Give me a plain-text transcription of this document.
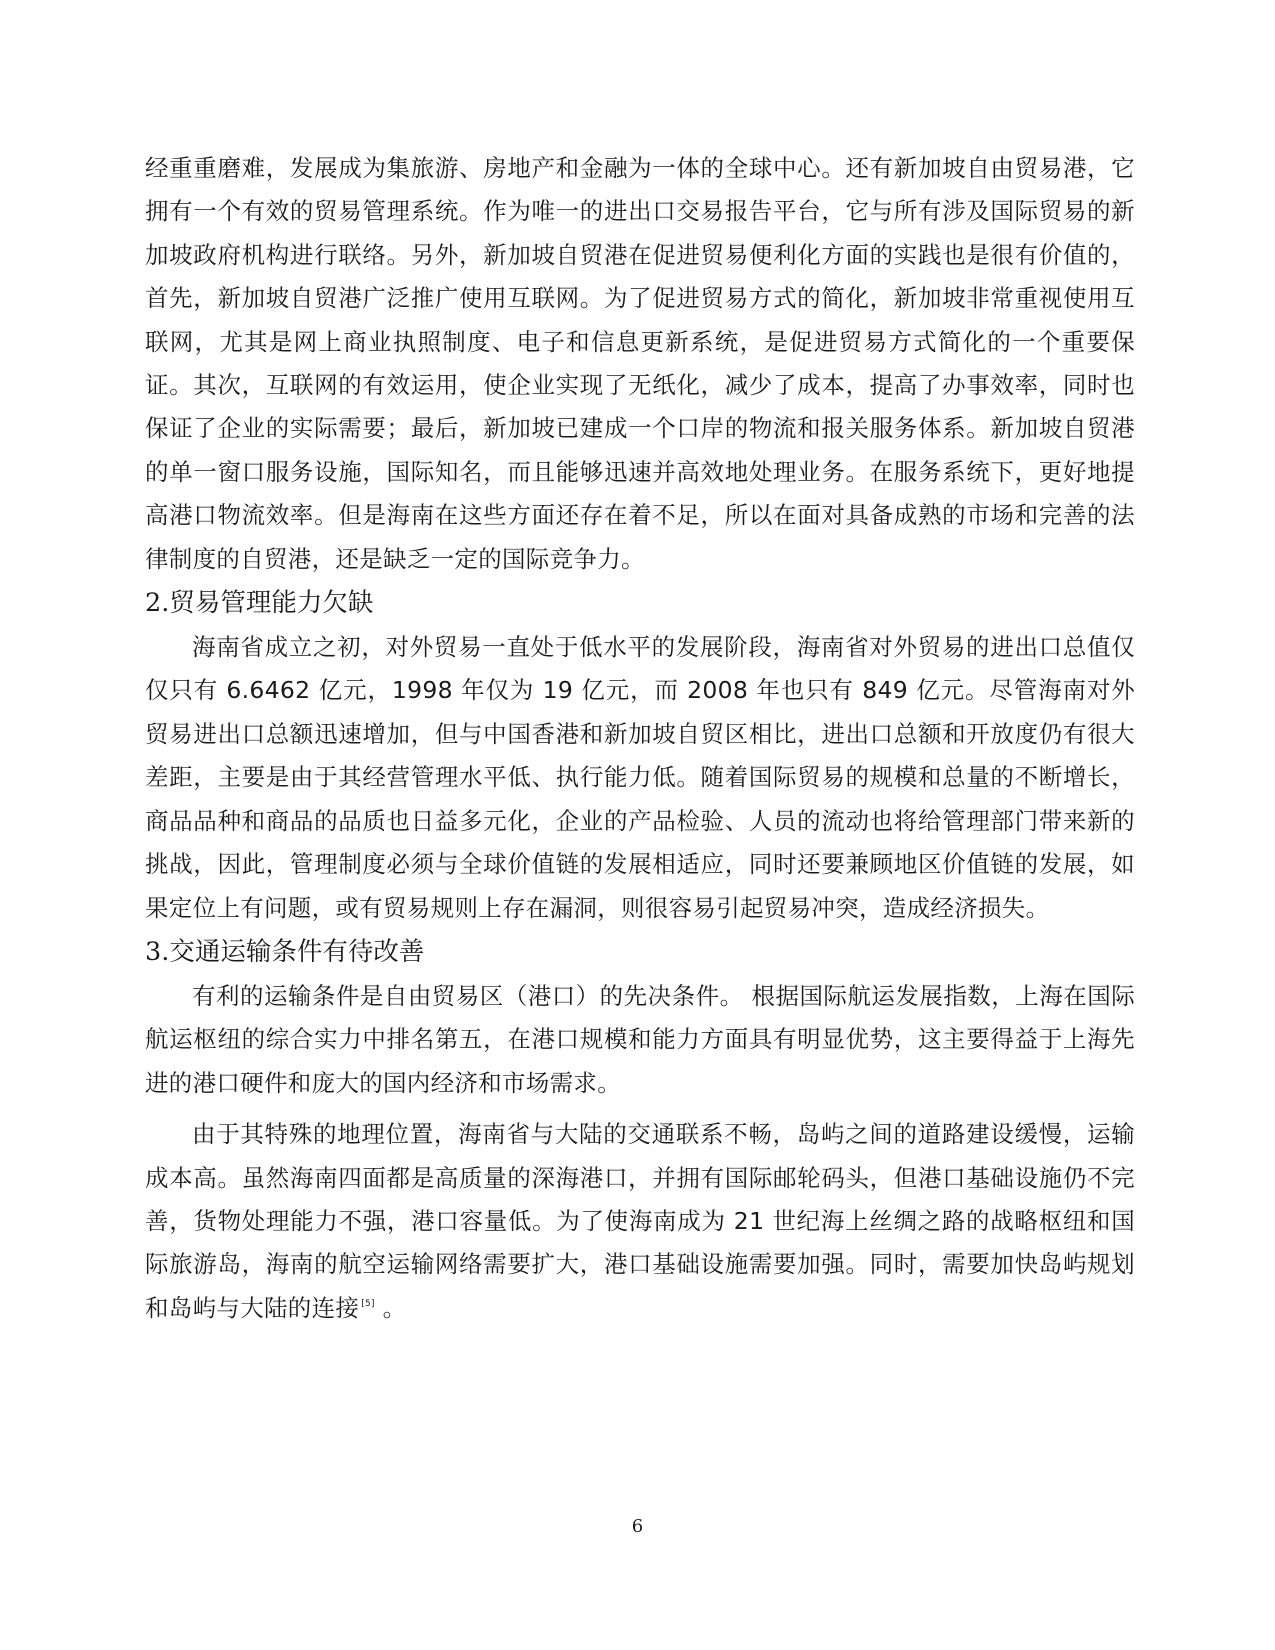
经重重磨难，发展成为集旅游、房地产和金融为一体的全球中心。还有新加坡自由贸易港，它拥有一个有效的贸易管理系统。作为唯一的进出口交易报告平台，它与所有涉及国际贸易的新加坡政府机构进行联络。另外，新加坡自贸港在促进贸易便利化方面的实践也是很有价值的，首先，新加坡自贸港广泛推广使用互联网。为了促进贸易方式的简化，新加坡非常重视使用互联网，尤其是网上商业执照制度、电子和信息更新系统，是促进贸易方式简化的一个重要保证。其次，互联网的有效运用，使企业实现了无纸化，减少了成本，提高了办事效率，同时也保证了企业的实际需要；最后，新加坡已建成一个口岸的物流和报关服务体系。新加坡自贸港的单一窗口服务设施，国际知名，而且能够迅速并高效地处理业务。在服务系统下，更好地提高港口物流效率。但是海南在这些方面还存在着不足，所以在面对具备成熟的市场和完善的法律制度的自贸港，还是缺乏一定的国际竞争力。

2.贸易管理能力欠缺

海南省成立之初，对外贸易一直处于低水平的发展阶段，海南省对外贸易的进出口总值仅仅只有 6.6462 亿元，1998 年仅为 19 亿元，而 2008 年也只有 849 亿元。尽管海南对外贸易进出口总额迅速增加，但与中国香港和新加坡自贸区相比，进出口总额和开放度仍有很大差距，主要是由于其经营管理水平低、执行能力低。随着国际贸易的规模和总量的不断增长，商品品种和商品的品质也日益多元化，企业的产品检验、人员的流动也将给管理部门带来新的挑战，因此，管理制度必须与全球价值链的发展相适应，同时还要兼顾地区价值链的发展，如果定位上有问题，或有贸易规则上存在漏洞，则很容易引起贸易冲突，造成经济损失。

3.交通运输条件有待改善

有利的运输条件是自由贸易区（港口）的先决条件。 根据国际航运发展指数，上海在国际航运枢纽的综合实力中排名第五，在港口规模和能力方面具有明显优势，这主要得益于上海先进的港口硬件和庞大的国内经济和市场需求。

由于其特殊的地理位置，海南省与大陆的交通联系不畅，岛屿之间的道路建设缓慢，运输成本高。虽然海南四面都是高质量的深海港口，并拥有国际邮轮码头，但港口基础设施仍不完善，货物处理能力不强，港口容量低。为了使海南成为 21 世纪海上丝绸之路的战略枢纽和国际旅游岛，海南的航空运输网络需要扩大，港口基础设施需要加强。同时，需要加快岛屿规划和岛屿与大陆的连接 [5] 。

6
